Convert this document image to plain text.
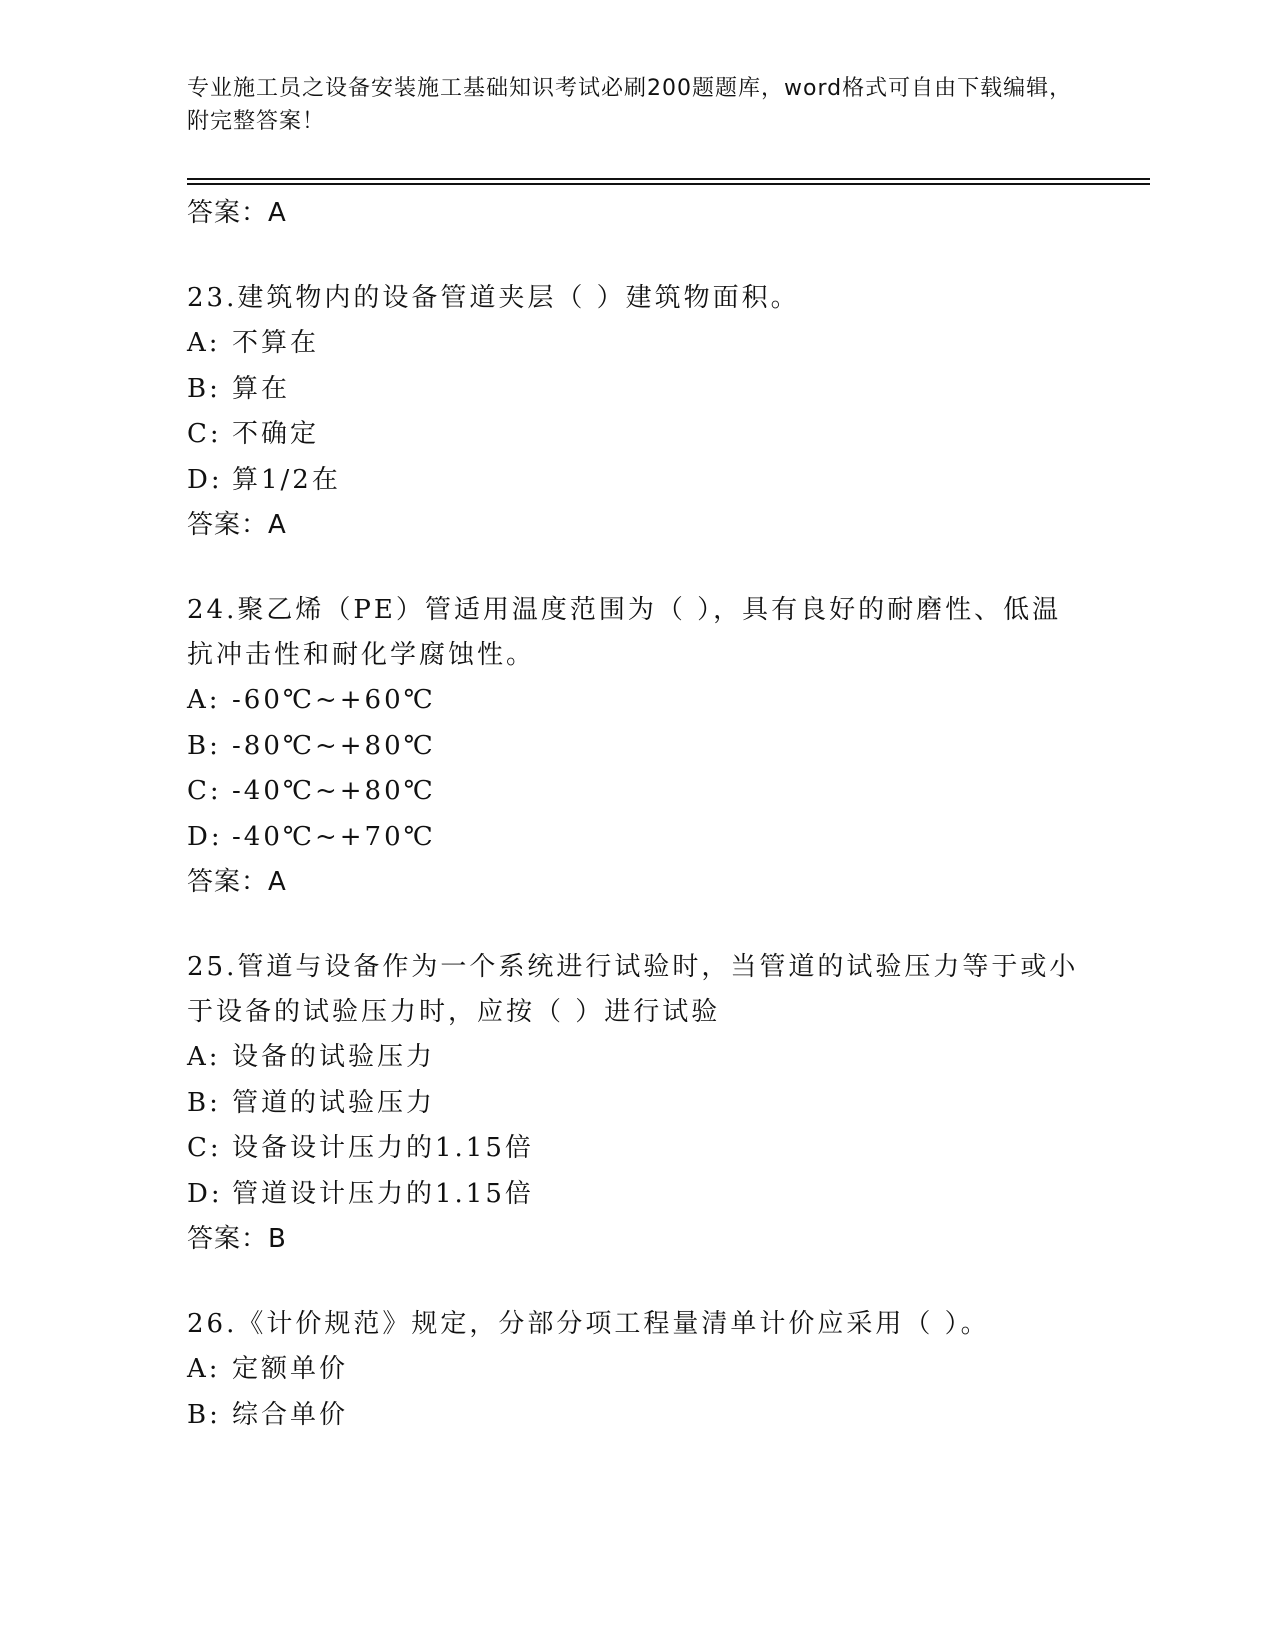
专业施工员之设备安装施工基础知识考试必刷200题题库，word格式可自由下载编辑，附完整答案！
答案：A
23.建筑物内的设备管道夹层（ ）建筑物面积。
A: 不算在
B: 算在
C: 不确定
D: 算1/2在
答案：A
24.聚乙烯（PE）管适用温度范围为（ ），具有良好的耐磨性、低温抗冲击性和耐化学腐蚀性。
A: -60℃~+60℃
B: -80℃~+80℃
C: -40℃~+80℃
D: -40℃~+70℃
答案：A
25.管道与设备作为一个系统进行试验时，当管道的试验压力等于或小于设备的试验压力时，应按（ ）进行试验
A: 设备的试验压力
B: 管道的试验压力
C: 设备设计压力的1.15倍
D: 管道设计压力的1.15倍
答案：B
26.《计价规范》规定，分部分项工程量清单计价应采用（ ）。
A: 定额单价
B: 综合单价
